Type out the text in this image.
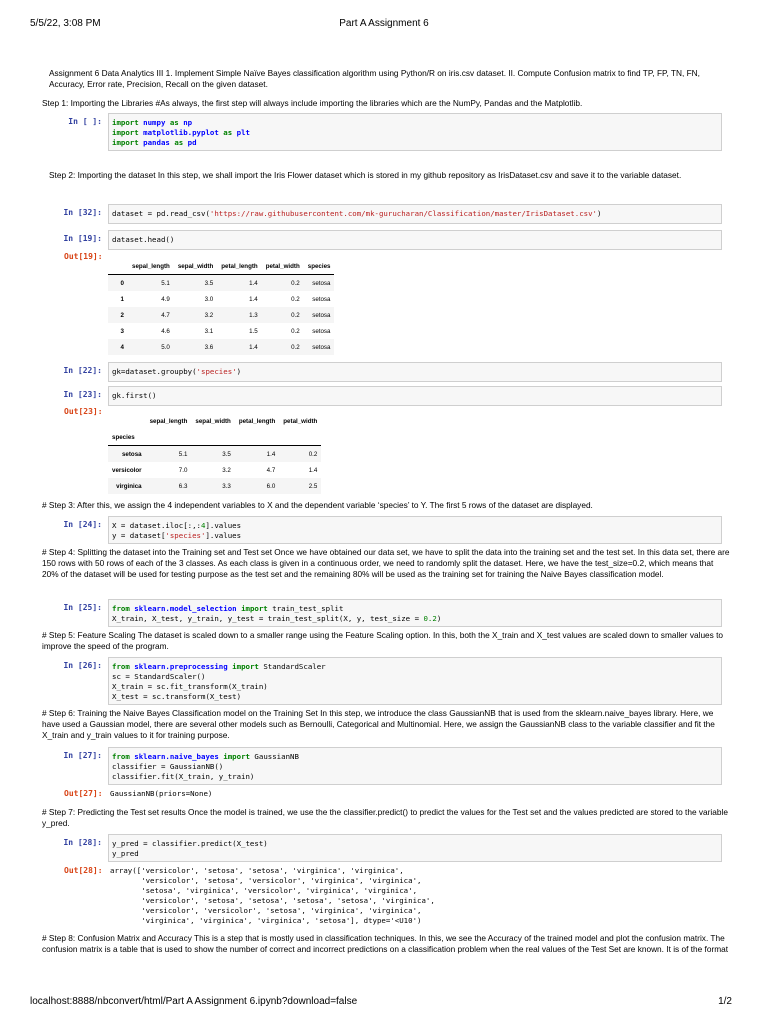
5/5/22, 3:08 PM	Part A Assignment 6
localhost:8888/nbconvert/html/Part A Assignment 6.ipynb?download=false	1/2
Assignment 6 Data Analytics III 1. Implement Simple Naïve Bayes classification algorithm using Python/R on iris.csv dataset. II. Compute Confusion matrix to find TP, FP, TN, FN, Accuracy, Error rate, Precision, Recall on the given dataset.
Step 1: Importing the Libraries #As always, the first step will always include importing the libraries which are the NumPy, Pandas and the Matplotlib.
In [ ]: import numpy as np
import matplotlib.pyplot as plt
import pandas as pd
Step 2: Importing the dataset In this step, we shall import the Iris Flower dataset which is stored in my github repository as IrisDataset.csv and save it to the variable dataset.
In [32]: dataset = pd.read_csv('https://raw.githubusercontent.com/mk-gurucharan/Classification/master/IrisDataset.csv')
In [19]: dataset.head()
Out[19]:
	sepal_length	sepal_width	petal_length	petal_width	species
0	5.1	3.5	1.4	0.2	setosa
1	4.9	3.0	1.4	0.2	setosa
2	4.7	3.2	1.3	0.2	setosa
3	4.6	3.1	1.5	0.2	setosa
4	5.0	3.6	1.4	0.2	setosa
In [22]: gk=dataset.groupby('species')
In [23]: gk.first()
Out[23]:
	sepal_length	sepal_width	petal_length	petal_width
species				
setosa	5.1	3.5	1.4	0.2
versicolor	7.0	3.2	4.7	1.4
virginica	6.3	3.3	6.0	2.5
# Step 3: After this, we assign the 4 independent variables to X and the dependent variable ‘species’ to Y. The first 5 rows of the dataset are displayed.
In [24]: X = dataset.iloc[:,:4].values
y = dataset['species'].values
# Step 4: Splitting the dataset into the Training set and Test set Once we have obtained our data set, we have to split the data into the training set and the test set. In this data set, there are 150 rows with 50 rows of each of the 3 classes. As each class is given in a continuous order, we need to randomly split the dataset. Here, we have the test_size=0.2, which means that 20% of the dataset will be used for testing purpose as the test set and the remaining 80% will be used as the training set for training the Naive Bayes classification model.
In [25]: from sklearn.model_selection import train_test_split
X_train, X_test, y_train, y_test = train_test_split(X, y, test_size = 0.2)
# Step 5: Feature Scaling The dataset is scaled down to a smaller range using the Feature Scaling option. In this, both the X_train and X_test values are scaled down to smaller values to improve the speed of the program.
In [26]: from sklearn.preprocessing import StandardScaler
sc = StandardScaler()
X_train = sc.fit_transform(X_train)
X_test = sc.transform(X_test)
# Step 6: Training the Naive Bayes Classification model on the Training Set In this step, we introduce the class GaussianNB that is used from the sklearn.naive_bayes library. Here, we have used a Gaussian model, there are several other models such as Bernoulli, Categorical and Multinomial. Here, we assign the GaussianNB class to the variable classifier and fit the X_train and y_train values to it for training purpose.
In [27]: from sklearn.naive_bayes import GaussianNB
classifier = GaussianNB()
classifier.fit(X_train, y_train)
Out[27]: GaussianNB(priors=None)
# Step 7: Predicting the Test set results Once the model is trained, we use the the classifier.predict() to predict the values for the Test set and the values predicted are stored to the variable y_pred.
In [28]: y_pred = classifier.predict(X_test)
y_pred
Out[28]: array(['versicolor', 'setosa', 'setosa', 'virginica', 'virginica',
'versicolor', 'setosa', 'versicolor', 'virginica', 'virginica',
'setosa', 'virginica', 'versicolor', 'virginica', 'virginica',
'versicolor', 'setosa', 'setosa', 'setosa', 'setosa', 'virginica',
'versicolor', 'versicolor', 'setosa', 'virginica', 'virginica',
'virginica', 'virginica', 'virginica', 'setosa'], dtype='<U10')
# Step 8: Confusion Matrix and Accuracy This is a step that is mostly used in classification techniques. In this, we see the Accuracy of the trained model and plot the confusion matrix. The confusion matrix is a table that is used to show the number of correct and incorrect predictions on a classification problem when the real values of the Test Set are known. It is of the format
